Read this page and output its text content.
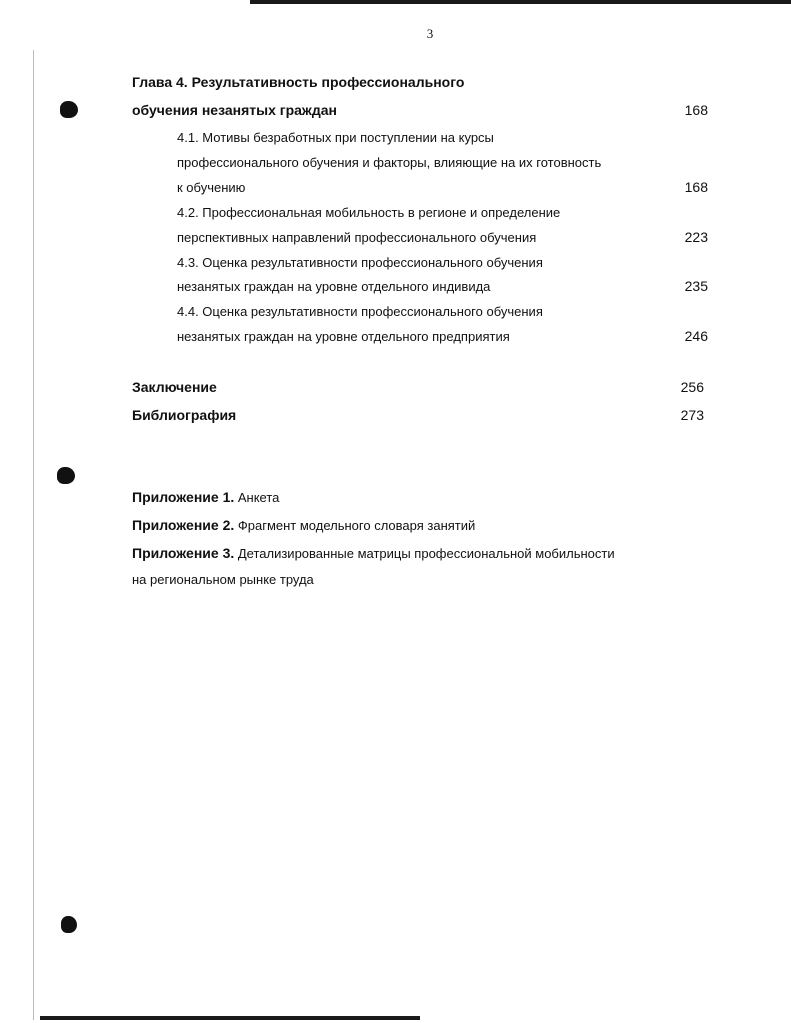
3
Глава 4. Результативность профессионального
обучения незанятых граждан	168
4.1. Мотивы безработных при поступлении на курсы
профессионального обучения и факторы, влияющие на их готовность
к обучению	168
4.2. Профессиональная мобильность в регионе и определение
перспективных направлений профессионального обучения	223
4.3. Оценка результативности профессионального обучения
незанятых граждан на уровне отдельного индивида	235
4.4. Оценка результативности профессионального обучения
незанятых граждан на уровне отдельного предприятия	246
Заключение	256
Библиография	273
Приложение 1. Анкета
Приложение 2. Фрагмент модельного словаря занятий
Приложение 3. Детализированные матрицы профессиональной мобильности
на региональном рынке труда
